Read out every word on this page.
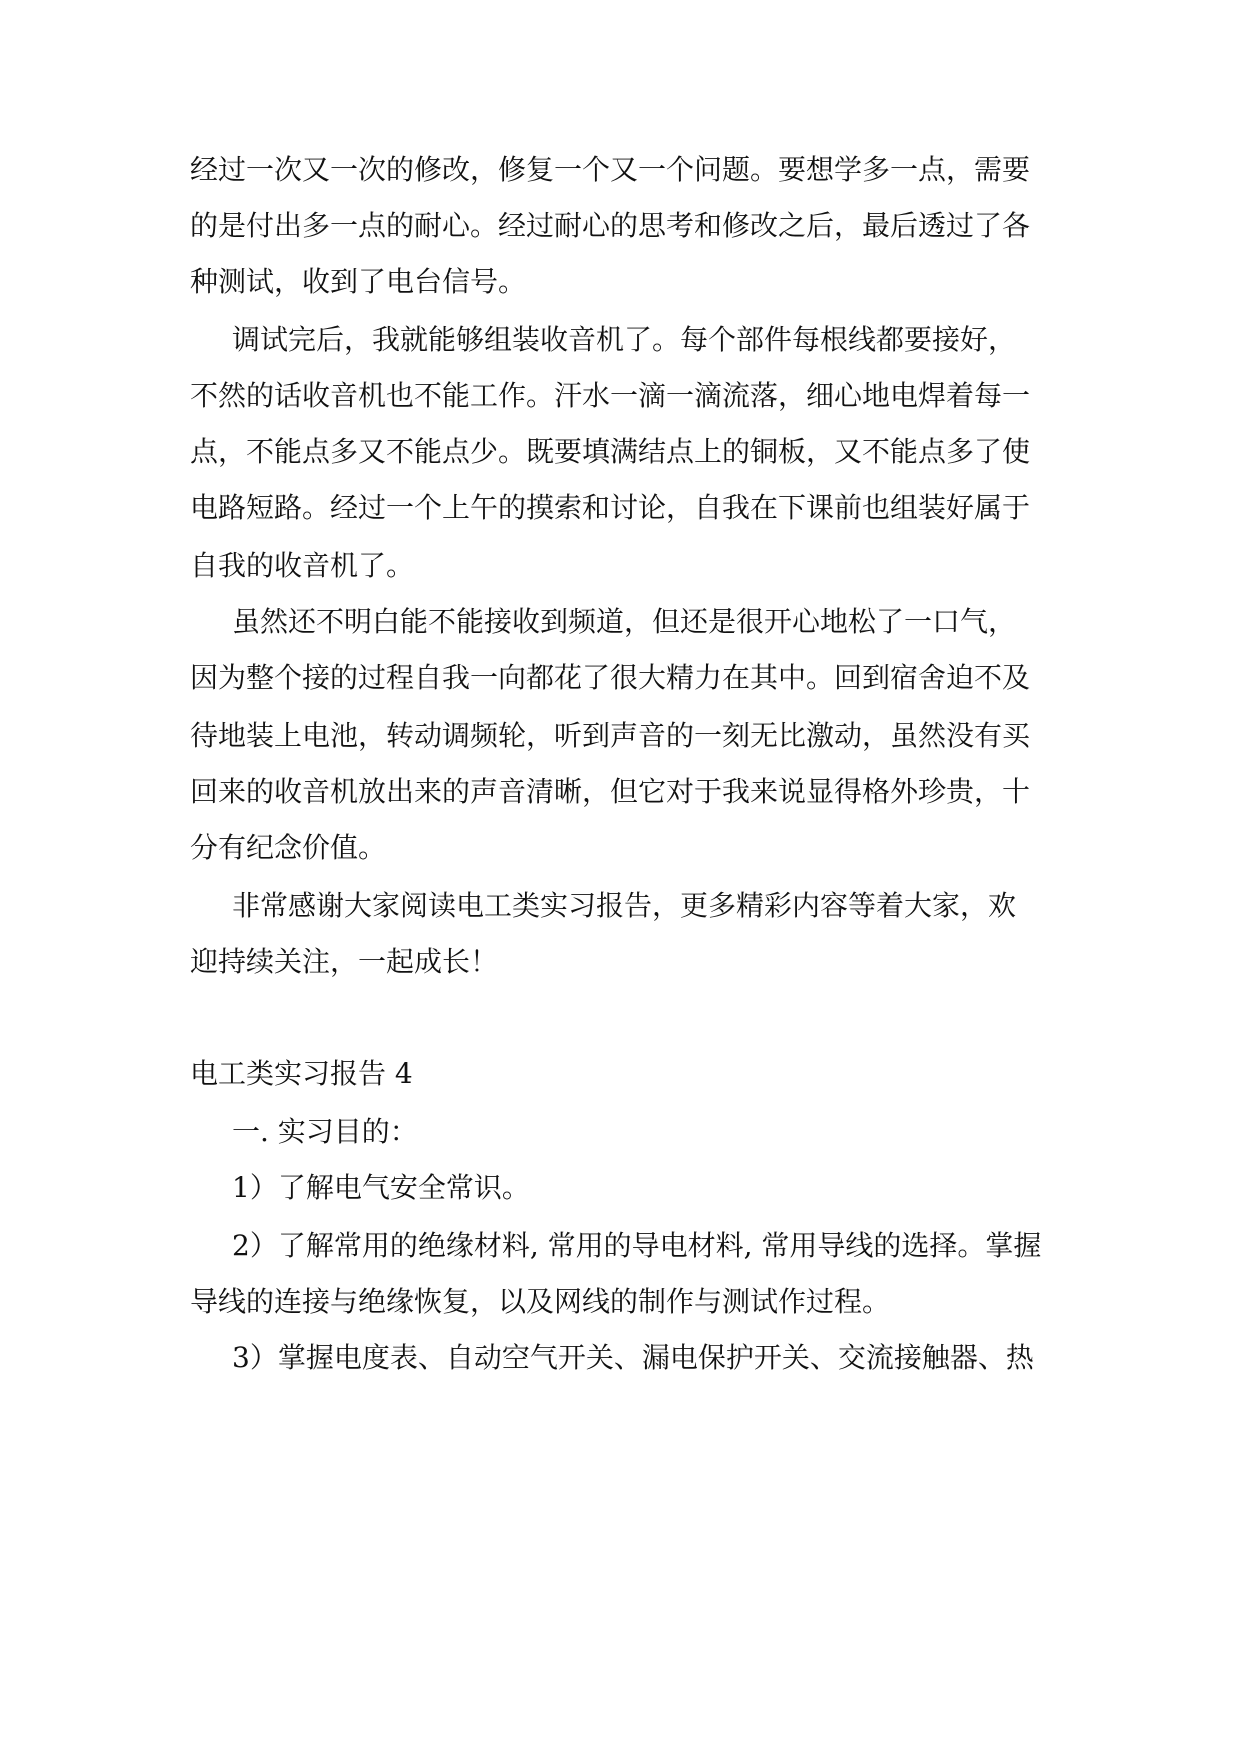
经过一次又一次的修改，修复一个又一个问题。要想学多一点，需要
的是付出多一点的耐心。经过耐心的思考和修改之后，最后透过了各
种测试，收到了电台信号。
调试完后，我就能够组装收音机了。每个部件每根线都要接好，
不然的话收音机也不能工作。汗水一滴一滴流落，细心地电焊着每一
点，不能点多又不能点少。既要填满结点上的铜板，又不能点多了使
电路短路。经过一个上午的摸索和讨论，自我在下课前也组装好属于
自我的收音机了。
虽然还不明白能不能接收到频道，但还是很开心地松了一口气，
因为整个接的过程自我一向都花了很大精力在其中。回到宿舍迫不及
待地装上电池，转动调频轮，听到声音的一刻无比激动，虽然没有买
回来的收音机放出来的声音清晰，但它对于我来说显得格外珍贵，十
分有纪念价值。
非常感谢大家阅读电工类实习报告，更多精彩内容等着大家，欢
迎持续关注，一起成长！
电工类实习报告 4
一. 实习目的：
1）了解电气安全常识。
2）了解常用的绝缘材料, 常用的导电材料, 常用导线的选择。掌握
导线的连接与绝缘恢复，以及网线的制作与测试作过程。
3）掌握电度表、自动空气开关、漏电保护开关、交流接触器、热
